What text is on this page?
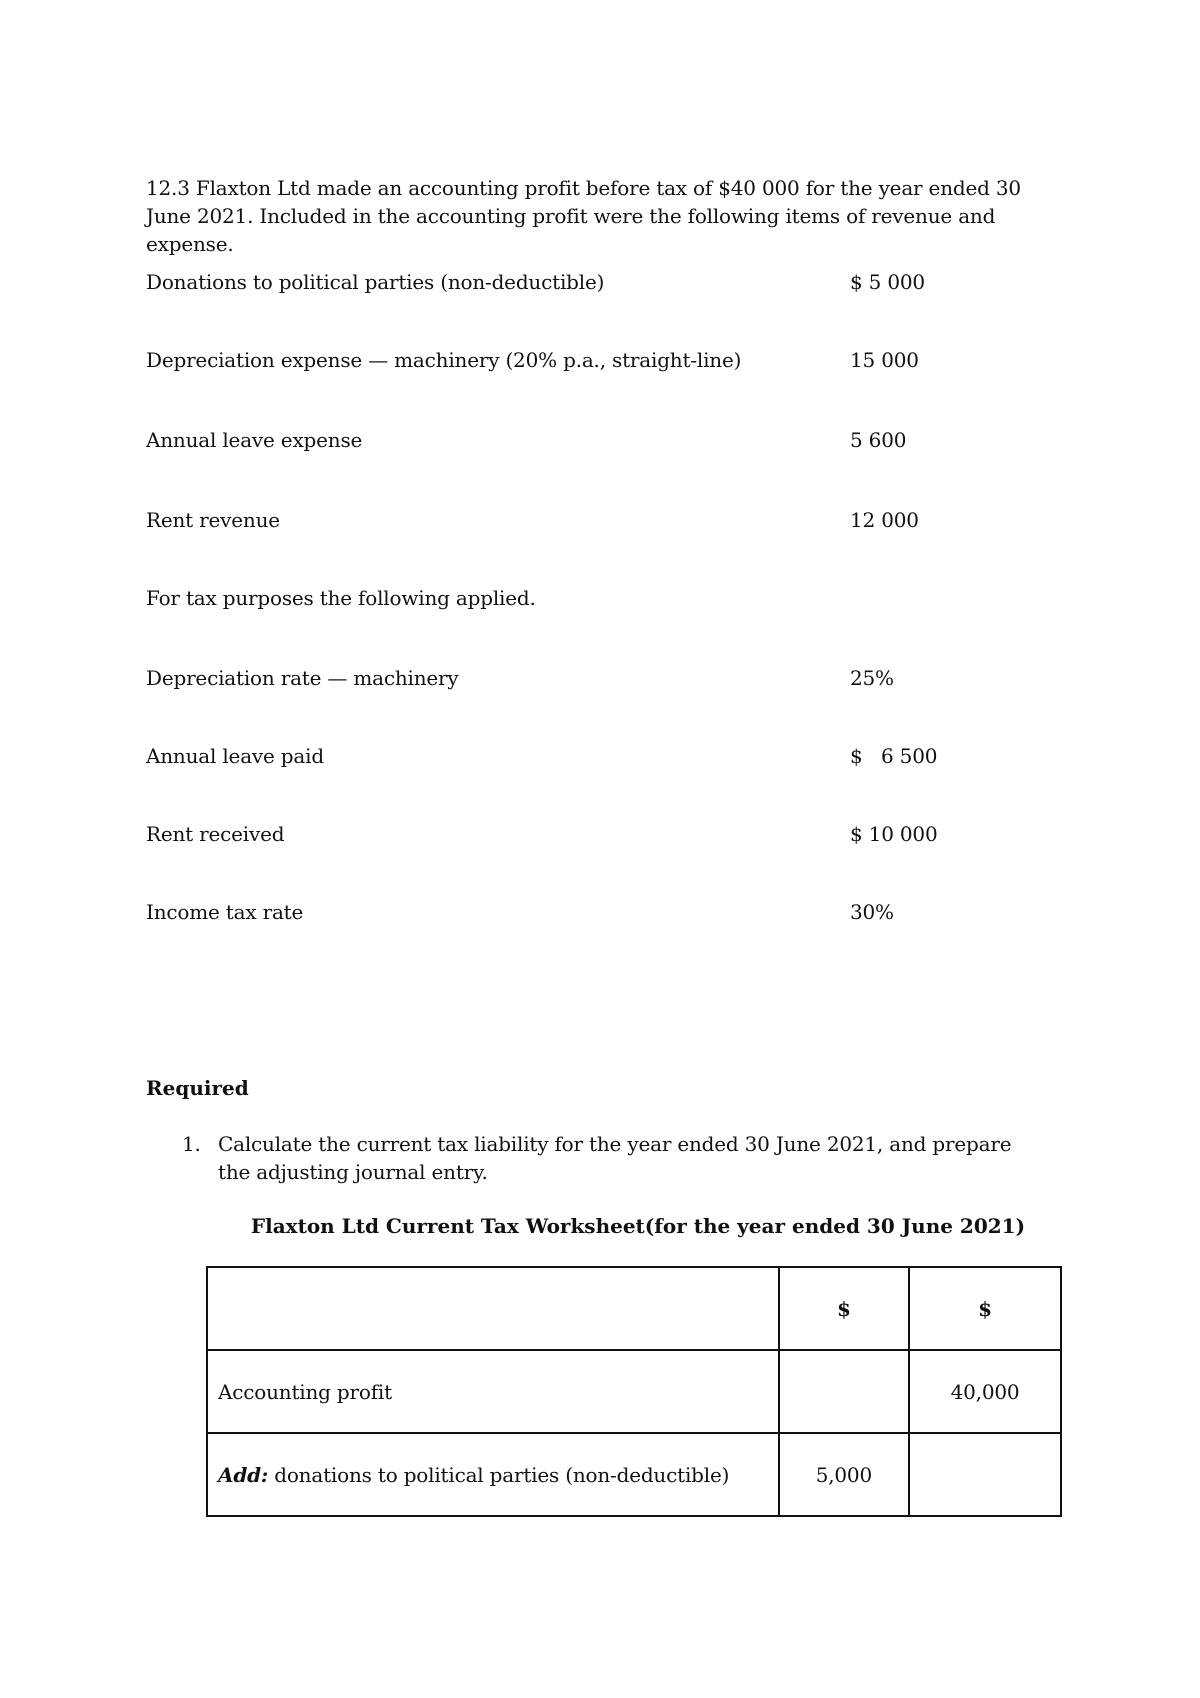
12.3 Flaxton Ltd made an accounting profit before tax of $40 000 for the year ended 30 June 2021. Included in the accounting profit were the following items of revenue and expense.
Donations to political parties (non-deductible)	$ 5 000
Depreciation expense — machinery (20% p.a., straight-line)	15 000
Annual leave expense	5 600
Rent revenue	12 000
For tax purposes the following applied.
Depreciation rate — machinery	25%
Annual leave paid	$   6 500
Rent received	$ 10 000
Income tax rate	30%
Required
1. Calculate the current tax liability for the year ended 30 June 2021, and prepare the adjusting journal entry.
Flaxton Ltd Current Tax Worksheet(for the year ended 30 June 2021)
	$	$
Accounting profit		40,000
Add: donations to political parties (non-deductible)	5,000	
